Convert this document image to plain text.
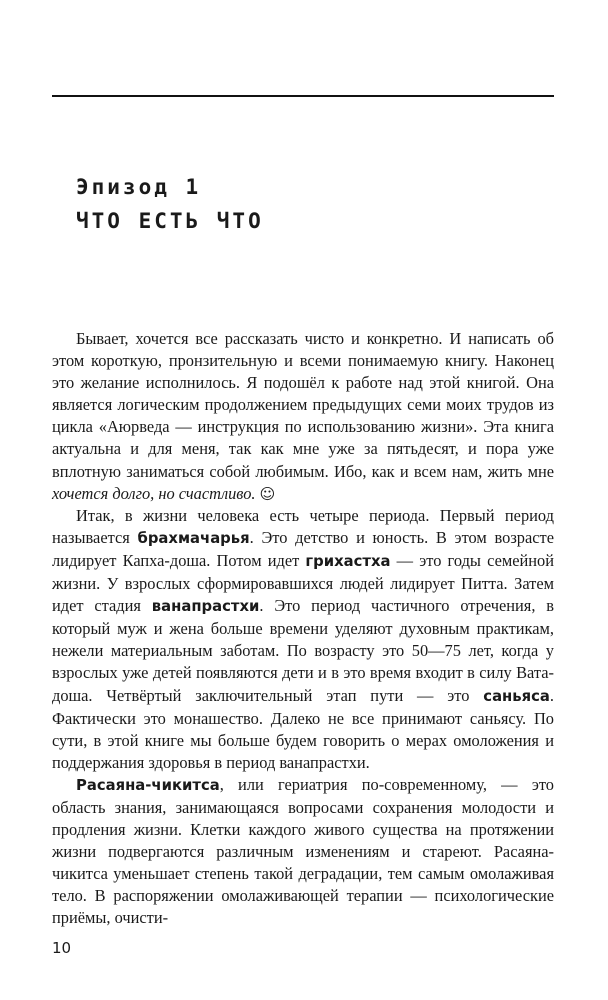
Эпизод 1
ЧТО ЕСТЬ ЧТО

Бывает, хочется все рассказать чисто и конкретно. И написать об этом короткую, пронзительную и всеми понимаемую книгу. Наконец это желание исполнилось. Я подошёл к работе над этой книгой. Она является логическим продолжением предыдущих семи моих трудов из цикла «Аюрведа — инструкция по использованию жизни». Эта книга актуальна и для меня, так как мне уже за пятьдесят, и пора уже вплотную заниматься собой любимым. Ибо, как и всем нам, жить мне хочется долго, но счастливо. ☺

Итак, в жизни человека есть четыре периода. Первый период называется брахмачарья. Это детство и юность. В этом возрасте лидирует Капха-доша. Потом идет грихастха — это годы семейной жизни. У взрослых сформировавшихся людей лидирует Питта. Затем идет стадия ванапрастхи. Это период частичного отречения, в который муж и жена больше времени уделяют духовным практикам, нежели материальным заботам. По возрасту это 50—75 лет, когда у взрослых уже детей появляются дети и в это время входит в силу Вата-доша. Четвёртый заключительный этап пути — это саньяса. Фактически это монашество. Далеко не все принимают саньясу. По сути, в этой книге мы больше будем говорить о мерах омоложения и поддержания здоровья в период ванапрастхи.

Расаяна-чикитса, или гериатрия по-современному, — это область знания, занимающаяся вопросами сохранения молодости и продления жизни. Клетки каждого живого существа на протяжении жизни подвергаются различным изменениям и стареют. Расаяна-чикитса уменьшает степень такой деградации, тем самым омолаживая тело. В распоряжении омолаживающей терапии — психологические приёмы, очисти-

10
